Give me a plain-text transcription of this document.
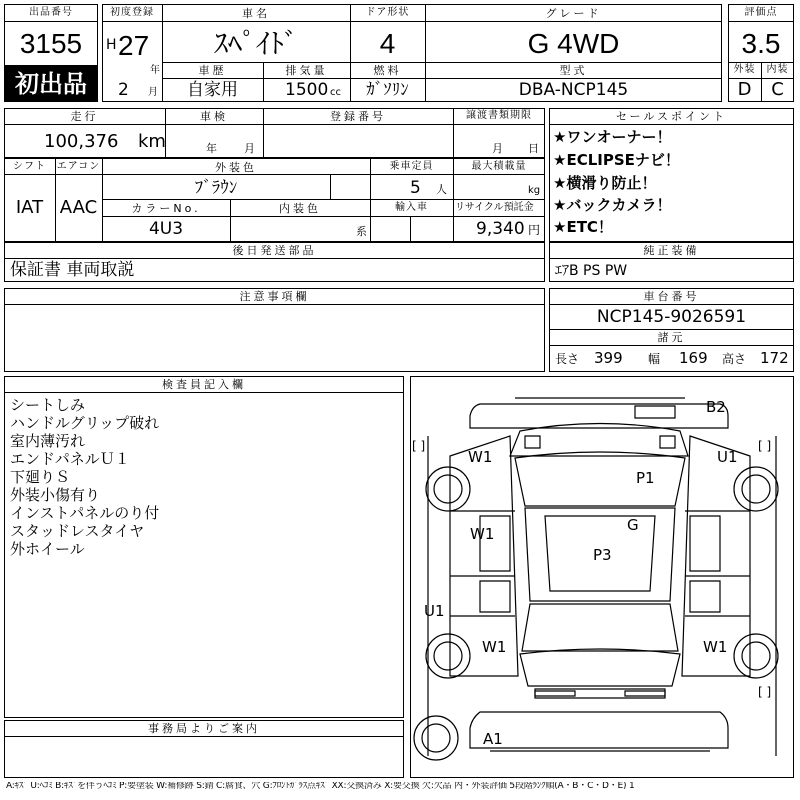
出品番号
3155
初出品
初度登録
H 27
年
2 月
車名
ｽﾍﾟｲﾄﾞ
ドア形状
4
グレード
G 4WD
車歴
自家用
排気量
1500 cc
燃料
ｶﾞｿﾘﾝ
型式
DBA-NCP145
評価点
3.5
外装	内装
D	C
走行
100,376 km
車検
年 月
登録番号	譲渡書類期限
月 日
シフト	エアコン
IAT AAC
外装色
ﾌﾞﾗｳﾝ
乗車定員
5 人
最大積載量
kg
カラーNo.
4U3
内装色
系
輸入車	リサイクル預託金
9,340 円
セールスポイント
★ワンオーナー！
★ECLIPSEナビ！
★横滑り防止！
★バックカメラ！
★ETC！
後日発送部品
保証書 車両取説
純正装備
ｴｱB PS PW
注意事項欄	車台番号
NCP145-9026591
諸元
長さ 399 幅 169 高さ 172
検査員記入欄
シートしみ
ハンドルグリップ破れ
室内薄汚れ
エンドパネルＵ１
下廻りＳ
外装小傷有り
インストパネルのり付
スタッドレスタイヤ
外ホイール
事務局よりご案内
B2
P1
G
P3
W1	U1
W1
U1
W1	W1
A1
[ ]	[ ]
[ ]
A:ｷｽﾞ U:ﾍｺﾐ B:ｷｽﾞを伴うﾍｺﾐ P:要塗装 W:補修跡 S:錆 C:腐食、穴 G:ﾌﾛﾝﾄｶﾞﾗｽ点ｷｽﾞ XX:交換済み X:要交換 欠:欠品 内・外装評価 5段階ﾗﾝｸ順(A・B・C・D・E) 1
